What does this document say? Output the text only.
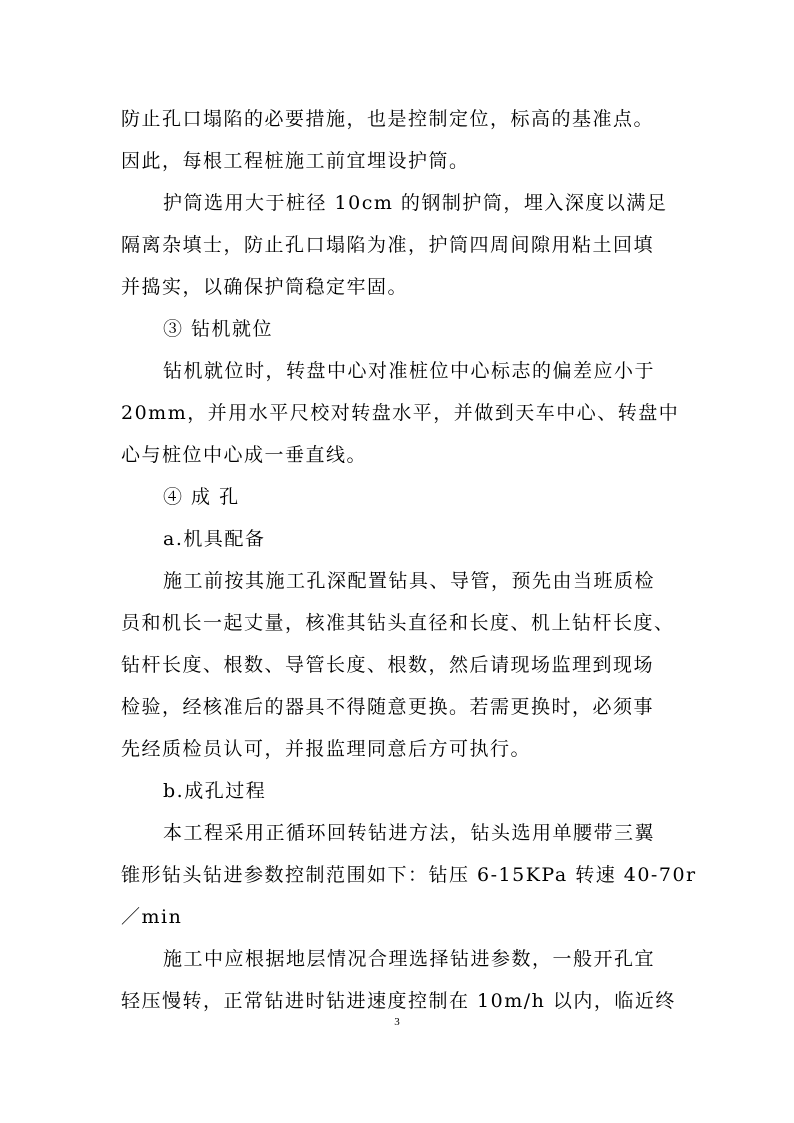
防止孔口塌陷的必要措施，也是控制定位，标高的基准点。
因此，每根工程桩施工前宜埋设护筒。
护筒选用大于桩径 10cm 的钢制护筒，埋入深度以满足
隔离杂填士，防止孔口塌陷为准，护筒四周间隙用粘土回填
并捣实，以确保护筒稳定牢固。
③ 钻机就位
钻机就位时，转盘中心对准桩位中心标志的偏差应小于
20mm，并用水平尺校对转盘水平，并做到天车中心、转盘中
心与桩位中心成一垂直线。
④ 成 孔
a.机具配备
施工前按其施工孔深配置钻具、导管，预先由当班质检
员和机长一起丈量，核准其钻头直径和长度、机上钻杆长度、
钻杆长度、根数、导管长度、根数，然后请现场监理到现场
检验，经核准后的器具不得随意更换。若需更换时，必须事
先经质检员认可，并报监理同意后方可执行。
b.成孔过程
本工程采用正循环回转钻进方法，钻头选用单腰带三翼
锥形钻头钻进参数控制范围如下：钻压 6-15KPa 转速 40-70r
／min
施工中应根据地层情况合理选择钻进参数，一般开孔宜
轻压慢转，正常钻进时钻进速度控制在 10m/h 以内，临近终
3
